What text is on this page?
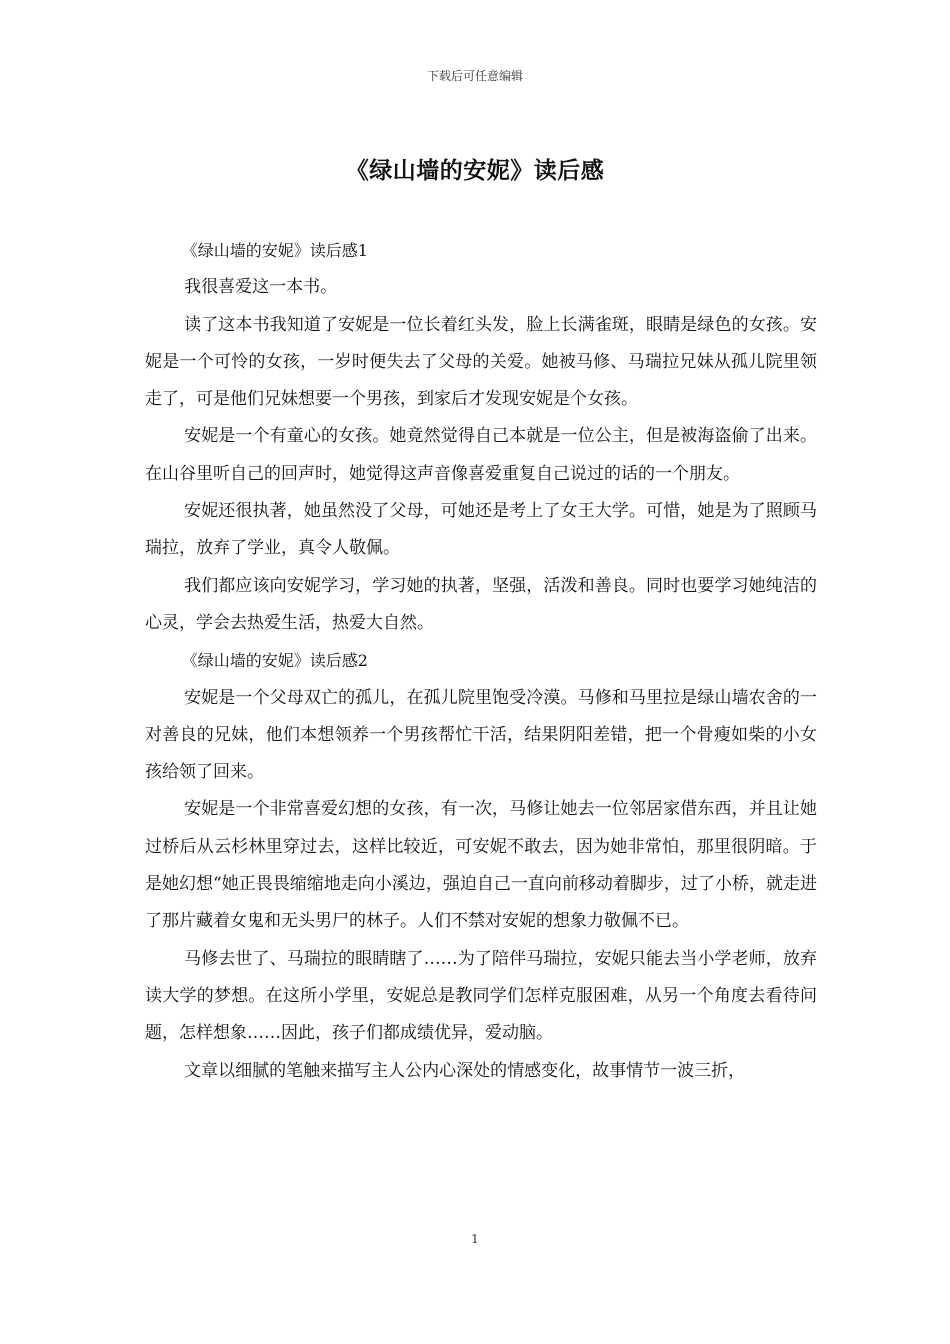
下载后可任意编辑
《绿山墙的安妮》读后感

《绿山墙的安妮》读后感1

我很喜爱这一本书。

读了这本书我知道了安妮是一位长着红头发，脸上长满雀斑，眼睛是绿色的女孩。安妮是一个可怜的女孩，一岁时便失去了父母的关爱。她被马修、马瑞拉兄妹从孤儿院里领走了，可是他们兄妹想要一个男孩，到家后才发现安妮是个女孩。

安妮是一个有童心的女孩。她竟然觉得自己本就是一位公主，但是被海盗偷了出来。在山谷里听自己的回声时，她觉得这声音像喜爱重复自己说过的话的一个朋友。

安妮还很执著，她虽然没了父母，可她还是考上了女王大学。可惜，她是为了照顾马瑞拉，放弃了学业，真令人敬佩。

我们都应该向安妮学习，学习她的执著，坚强，活泼和善良。同时也要学习她纯洁的心灵，学会去热爱生活，热爱大自然。

《绿山墙的安妮》读后感2

安妮是一个父母双亡的孤儿，在孤儿院里饱受冷漠。马修和马里拉是绿山墙农舍的一对善良的兄妹，他们本想领养一个男孩帮忙干活，结果阴阳差错，把一个骨瘦如柴的小女孩给领了回来。

安妮是一个非常喜爱幻想的女孩，有一次，马修让她去一位邻居家借东西，并且让她过桥后从云杉林里穿过去，这样比较近，可安妮不敢去，因为她非常怕，那里很阴暗。于是她幻想“她正畏畏缩缩地走向小溪边，强迫自己一直向前移动着脚步，过了小桥，就走进了那片藏着女鬼和无头男尸的林子。人们不禁对安妮的想象力敬佩不已。

马修去世了、马瑞拉的眼睛瞎了……为了陪伴马瑞拉，安妮只能去当小学老师，放弃读大学的梦想。在这所小学里，安妮总是教同学们怎样克服困难，从另一个角度去看待问题，怎样想象……因此，孩子们都成绩优异，爱动脑。

文章以细腻的笔触来描写主人公内心深处的情感变化，故事情节一波三折，

1
